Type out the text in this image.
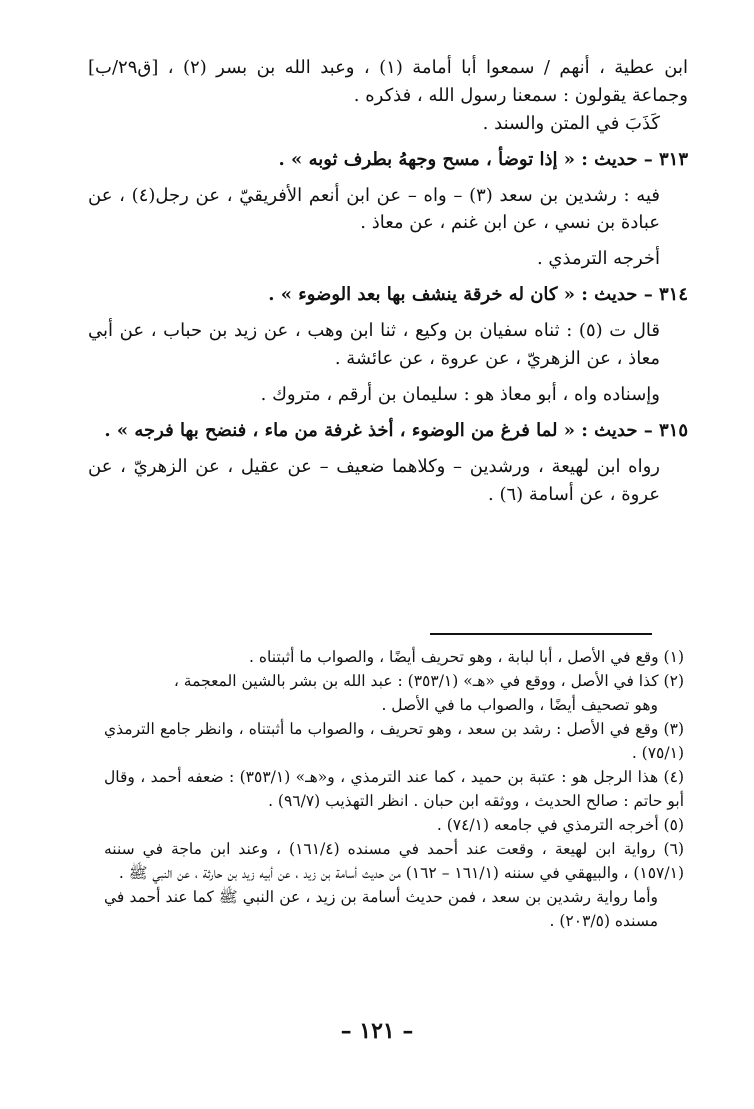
ابن عطية ، أنهم / سمعوا أبا أمامة (١) ، وعبد الله بن بسر (٢) ، [ق٢٩/ب] وجماعة يقولون : سمعنا رسول الله ، فذكره .

كَذَبَ في المتن والسند .

٣١٣ – حديث : « إذا توضأ ، مسح وجههُ بطرف ثوبه » .

فيه : رشدين بن سعد (٣) – واه – عن ابن أنعم الأفريقيّ ، عن رجل(٤) ، عن عبادة بن نسي ، عن ابن غنم ، عن معاذ .

أخرجه الترمذي .

٣١٤ – حديث : « كان له خرقة ينشف بها بعد الوضوء » .

قال ت (٥) : ثناه سفيان بن وكيع ، ثنا ابن وهب ، عن زيد بن حباب ، عن أبي معاذ ، عن الزهريّ ، عن عروة ، عن عائشة .

وإسناده واه ، أبو معاذ هو : سليمان بن أرقم ، متروك .

٣١٥ – حديث : « لما فرغ من الوضوء ، أخذ غرفة من ماء ، فنضح بها فرجه » .

رواه ابن لهيعة ، ورشدين – وكلاهما ضعيف – عن عقيل ، عن الزهريّ ، عن عروة ، عن أسامة (٦) .

(١) وقع في الأصل ، أبا لبابة ، وهو تحريف أيضًا ، والصواب ما أثبتناه .

(٢) كذا في الأصل ، ووقع في «هـ» (٣٥٣/١) : عبد الله بن بشر بالشين المعجمة ،

وهو تصحيف أيضًا ، والصواب ما في الأصل .

(٣) وقع في الأصل : رشد بن سعد ، وهو تحريف ، والصواب ما أثبتناه ، وانظر جامع الترمذي (٧٥/١) .

(٤) هذا الرجل هو : عتبة بن حميد ، كما عند الترمذي ، و«هـ» (٣٥٣/١) : ضعفه أحمد ، وقال أبو حاتم : صالح الحديث ، ووثقه ابن حبان . انظر التهذيب (٩٦/٧) .

(٥) أخرجه الترمذي في جامعه (٧٤/١) .

(٦) رواية ابن لهيعة ، وقعت عند أحمد في مسنده (١٦١/٤) ، وعند ابن ماجة في سننه (١٥٧/١) ، والبيهقي في سننه (١٦١/١ – ١٦٢) من حديث أسامة بن زيد ، عن أبيه زيد بن حارثة ، عن النبي ﷺ .

وأما رواية رشدين بن سعد ، فمن حديث أسامة بن زيد ، عن النبي ﷺ كما عند أحمد في مسنده (٢٠٣/٥) .

– ١٢١ –
